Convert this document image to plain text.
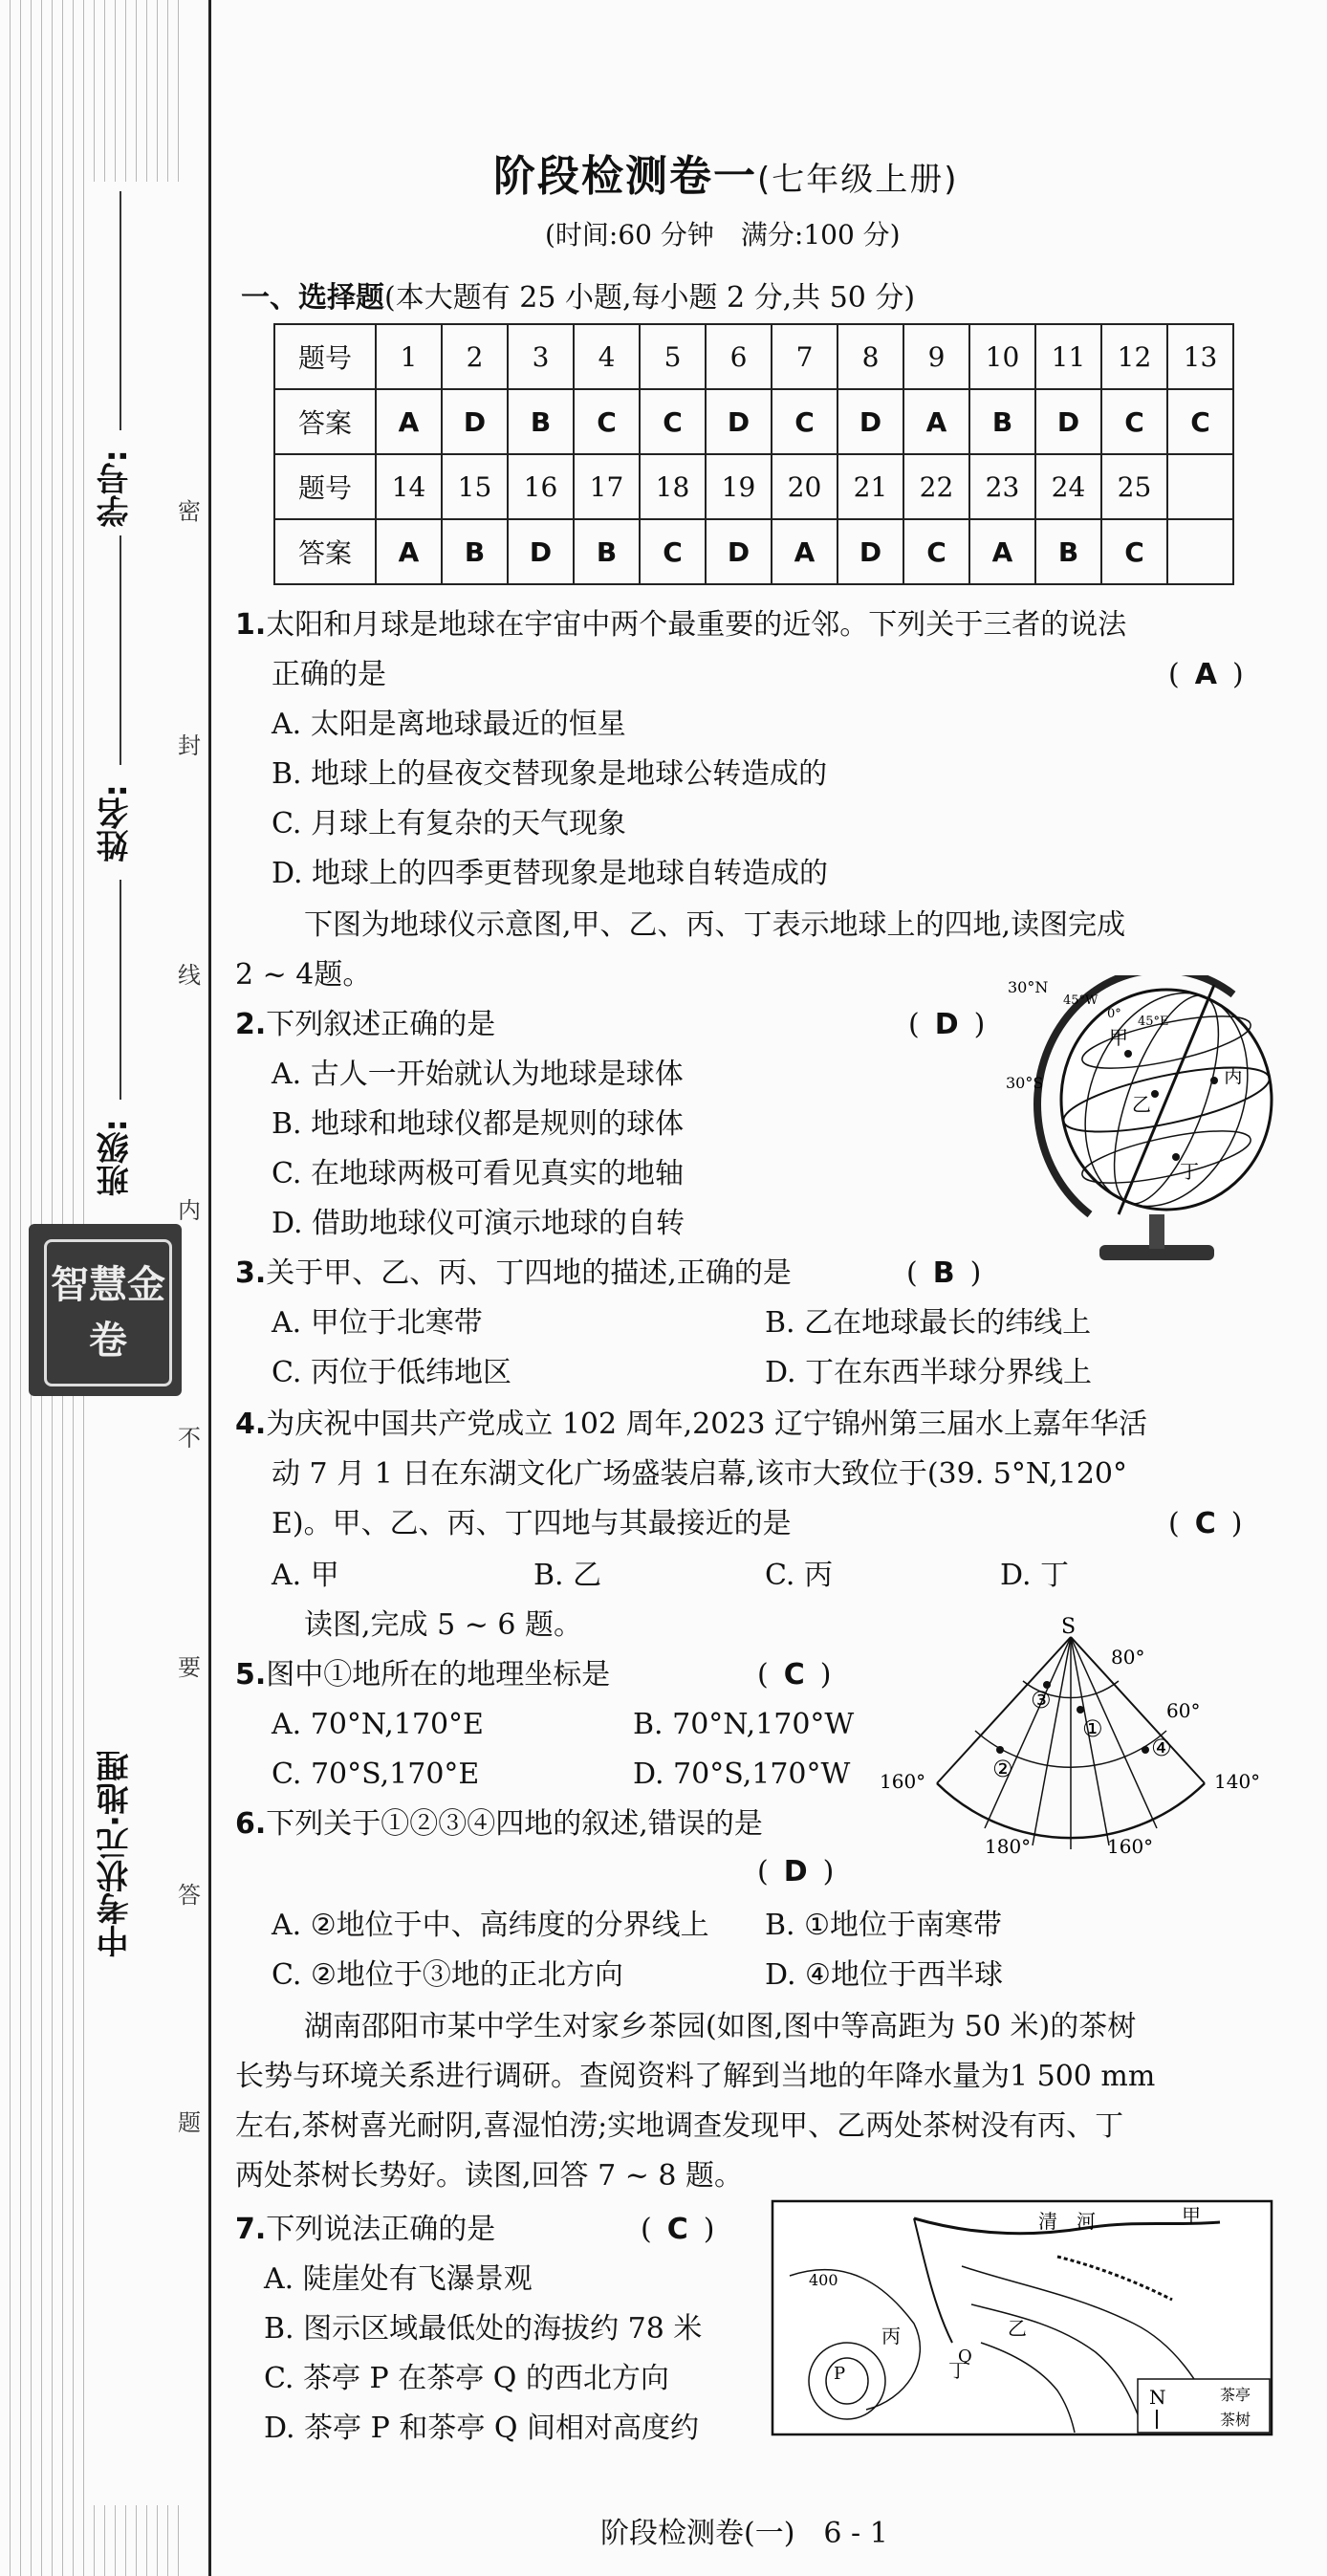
学号:
姓名:
班级:
密
封
线
内
不
要
答
题
智慧金卷
中考状元·地理
阶段检测卷一(七年级上册)
(时间:60 分钟　满分:100 分)
一、选择题(本大题有 25 小题,每小题 2 分,共 50 分)
题号	1	2	3	4	5	6	7	8	9	10	11	12	13
答案	A	D	B	C	C	D	C	D	A	B	D	C	C
题号	14	15	16	17	18	19	20	21	22	23	24	25	
答案	A	B	D	B	C	D	A	D	C	A	B	C	
1.太阳和月球是地球在宇宙中两个最重要的近邻。下列关于三者的说法
正确的是	( A )
A. 太阳是离地球最近的恒星
B. 地球上的昼夜交替现象是地球公转造成的
C. 月球上有复杂的天气现象
D. 地球上的四季更替现象是地球自转造成的
下图为地球仪示意图,甲、乙、丙、丁表示地球上的四地,读图完成
2 ~ 4题。
2.下列叙述正确的是	( D )
A. 古人一开始就认为地球是球体
B. 地球和地球仪都是规则的球体
C. 在地球两极可看见真实的地轴
D. 借助地球仪可演示地球的自转
30°N
30°S
45°W
0°
45°E
甲
乙
丙
丁
3.关于甲、乙、丙、丁四地的描述,正确的是	( B )
A. 甲位于北寒带	B. 乙在地球最长的纬线上
C. 丙位于低纬地区	D. 丁在东西半球分界线上
4.为庆祝中国共产党成立 102 周年,2023 辽宁锦州第三届水上嘉年华活
动 7 月 1 日在东湖文化广场盛装启幕,该市大致位于(39. 5°N,120°
E)。甲、乙、丙、丁四地与其最接近的是	( C )
A. 甲	B. 乙	C. 丙	D. 丁
读图,完成 5 ~ 6 题。
5.图中①地所在的地理坐标是	( C )
A. 70°N,170°E	B. 70°N,170°W
C. 70°S,170°E	D. 70°S,170°W
S
80°
60°
140°
160°
180°	160°
①
②
③
④
6.下列关于①②③④四地的叙述,错误的是
( D )
A. ②地位于中、高纬度的分界线上 B. ①地位于南寒带
C. ②地位于③地的正北方向	D. ④地位于西半球
湖南邵阳市某中学生对家乡茶园(如图,图中等高距为 50 米)的茶树
长势与环境关系进行调研。查阅资料了解到当地的年降水量为1 500 mm
左右,茶树喜光耐阴,喜湿怕涝;实地调查发现甲、乙两处茶树没有丙、丁
两处茶树长势好。读图,回答 7 ~ 8 题。
7.下列说法正确的是	( C )
A. 陡崖处有飞瀑景观
B. 图示区域最低处的海拔约 78 米
C. 茶亭 P 在茶亭 Q 的西北方向
D. 茶亭 P 和茶亭 Q 间相对高度约
清　河	甲
乙
丙
丁
400
P
Q
N	茶亭
茶树
阶段检测卷(一)　6 - 1
